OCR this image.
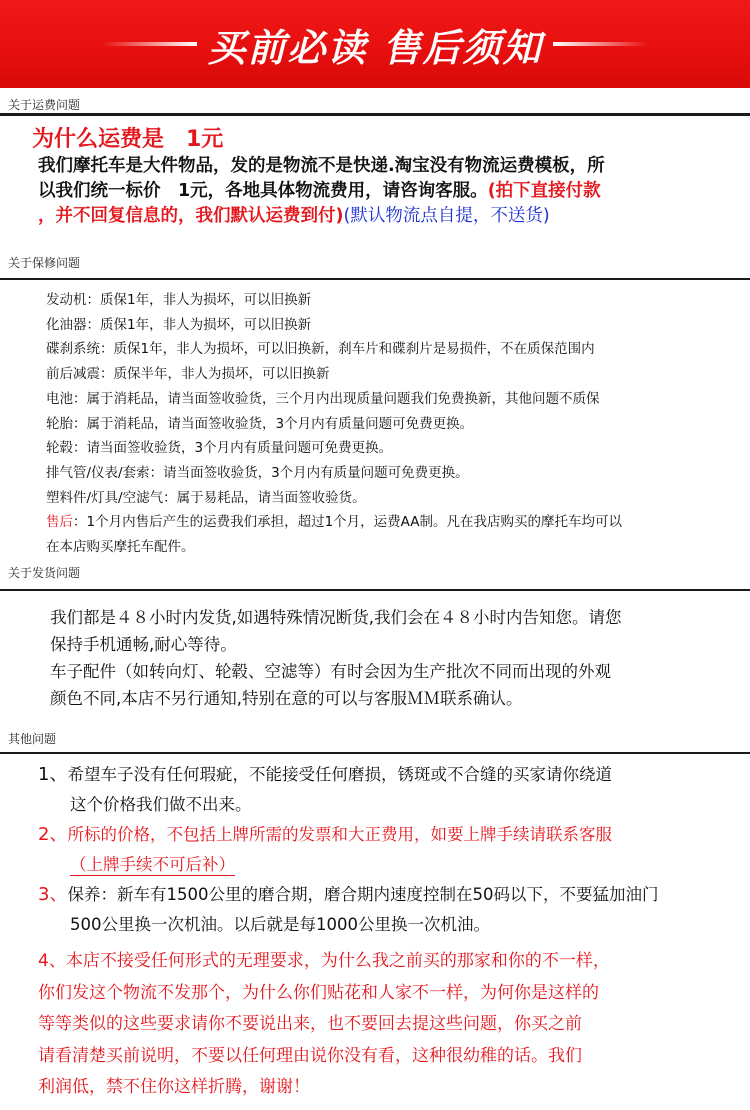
买前必读 售后须知
关于运费问题
为什么运费是　1元
我们摩托车是大件物品，发的是物流不是快递.淘宝没有物流运费模板，所
以我们统一标价　1元，各地具体物流费用，请咨询客服。(拍下直接付款
，并不回复信息的，我们默认运费到付)(默认物流点自提，不送货)
关于保修问题
发动机：质保1年，非人为损坏，可以旧换新
化油器：质保1年，非人为损坏，可以旧换新
碟刹系统：质保1年，非人为损坏，可以旧换新，刹车片和碟刹片是易损件，不在质保范围内
前后减震：质保半年，非人为损坏，可以旧换新
电池：属于消耗品，请当面签收验货，三个月内出现质量问题我们免费换新，其他问题不质保
轮胎：属于消耗品，请当面签收验货，3个月内有质量问题可免费更换。
轮毂：请当面签收验货，3个月内有质量问题可免费更换。
排气管/仪表/套索：请当面签收验货，3个月内有质量问题可免费更换。
塑料件/灯具/空滤气：属于易耗品，请当面签收验货。
售后：1个月内售后产生的运费我们承担，超过1个月，运费AA制。凡在我店购买的摩托车均可以
在本店购买摩托车配件。
关于发货问题
我们都是４８小时内发货,如遇特殊情况断货,我们会在４８小时内告知您。请您
保持手机通畅,耐心等待。
车子配件（如转向灯、轮毂、空滤等）有时会因为生产批次不同而出现的外观
颜色不同,本店不另行通知,特别在意的可以与客服ＭＭ联系确认。
其他问题
1、希望车子没有任何瑕疵，不能接受任何磨损，锈斑或不合缝的买家请你绕道
这个价格我们做不出来。
2、所标的价格，不包括上牌所需的发票和大正费用，如要上牌手续请联系客服
（上牌手续不可后补）
3、保养：新车有1500公里的磨合期，磨合期内速度控制在50码以下，不要猛加油门
500公里换一次机油。以后就是每1000公里换一次机油。
4、本店不接受任何形式的无理要求，为什么我之前买的那家和你的不一样，
你们发这个物流不发那个，为什么你们贴花和人家不一样，为何你是这样的
等等类似的这些要求请你不要说出来，也不要回去提这些问题，你买之前
请看清楚买前说明，不要以任何理由说你没有看，这种很幼稚的话。我们
利润低，禁不住你这样折腾，谢谢！
